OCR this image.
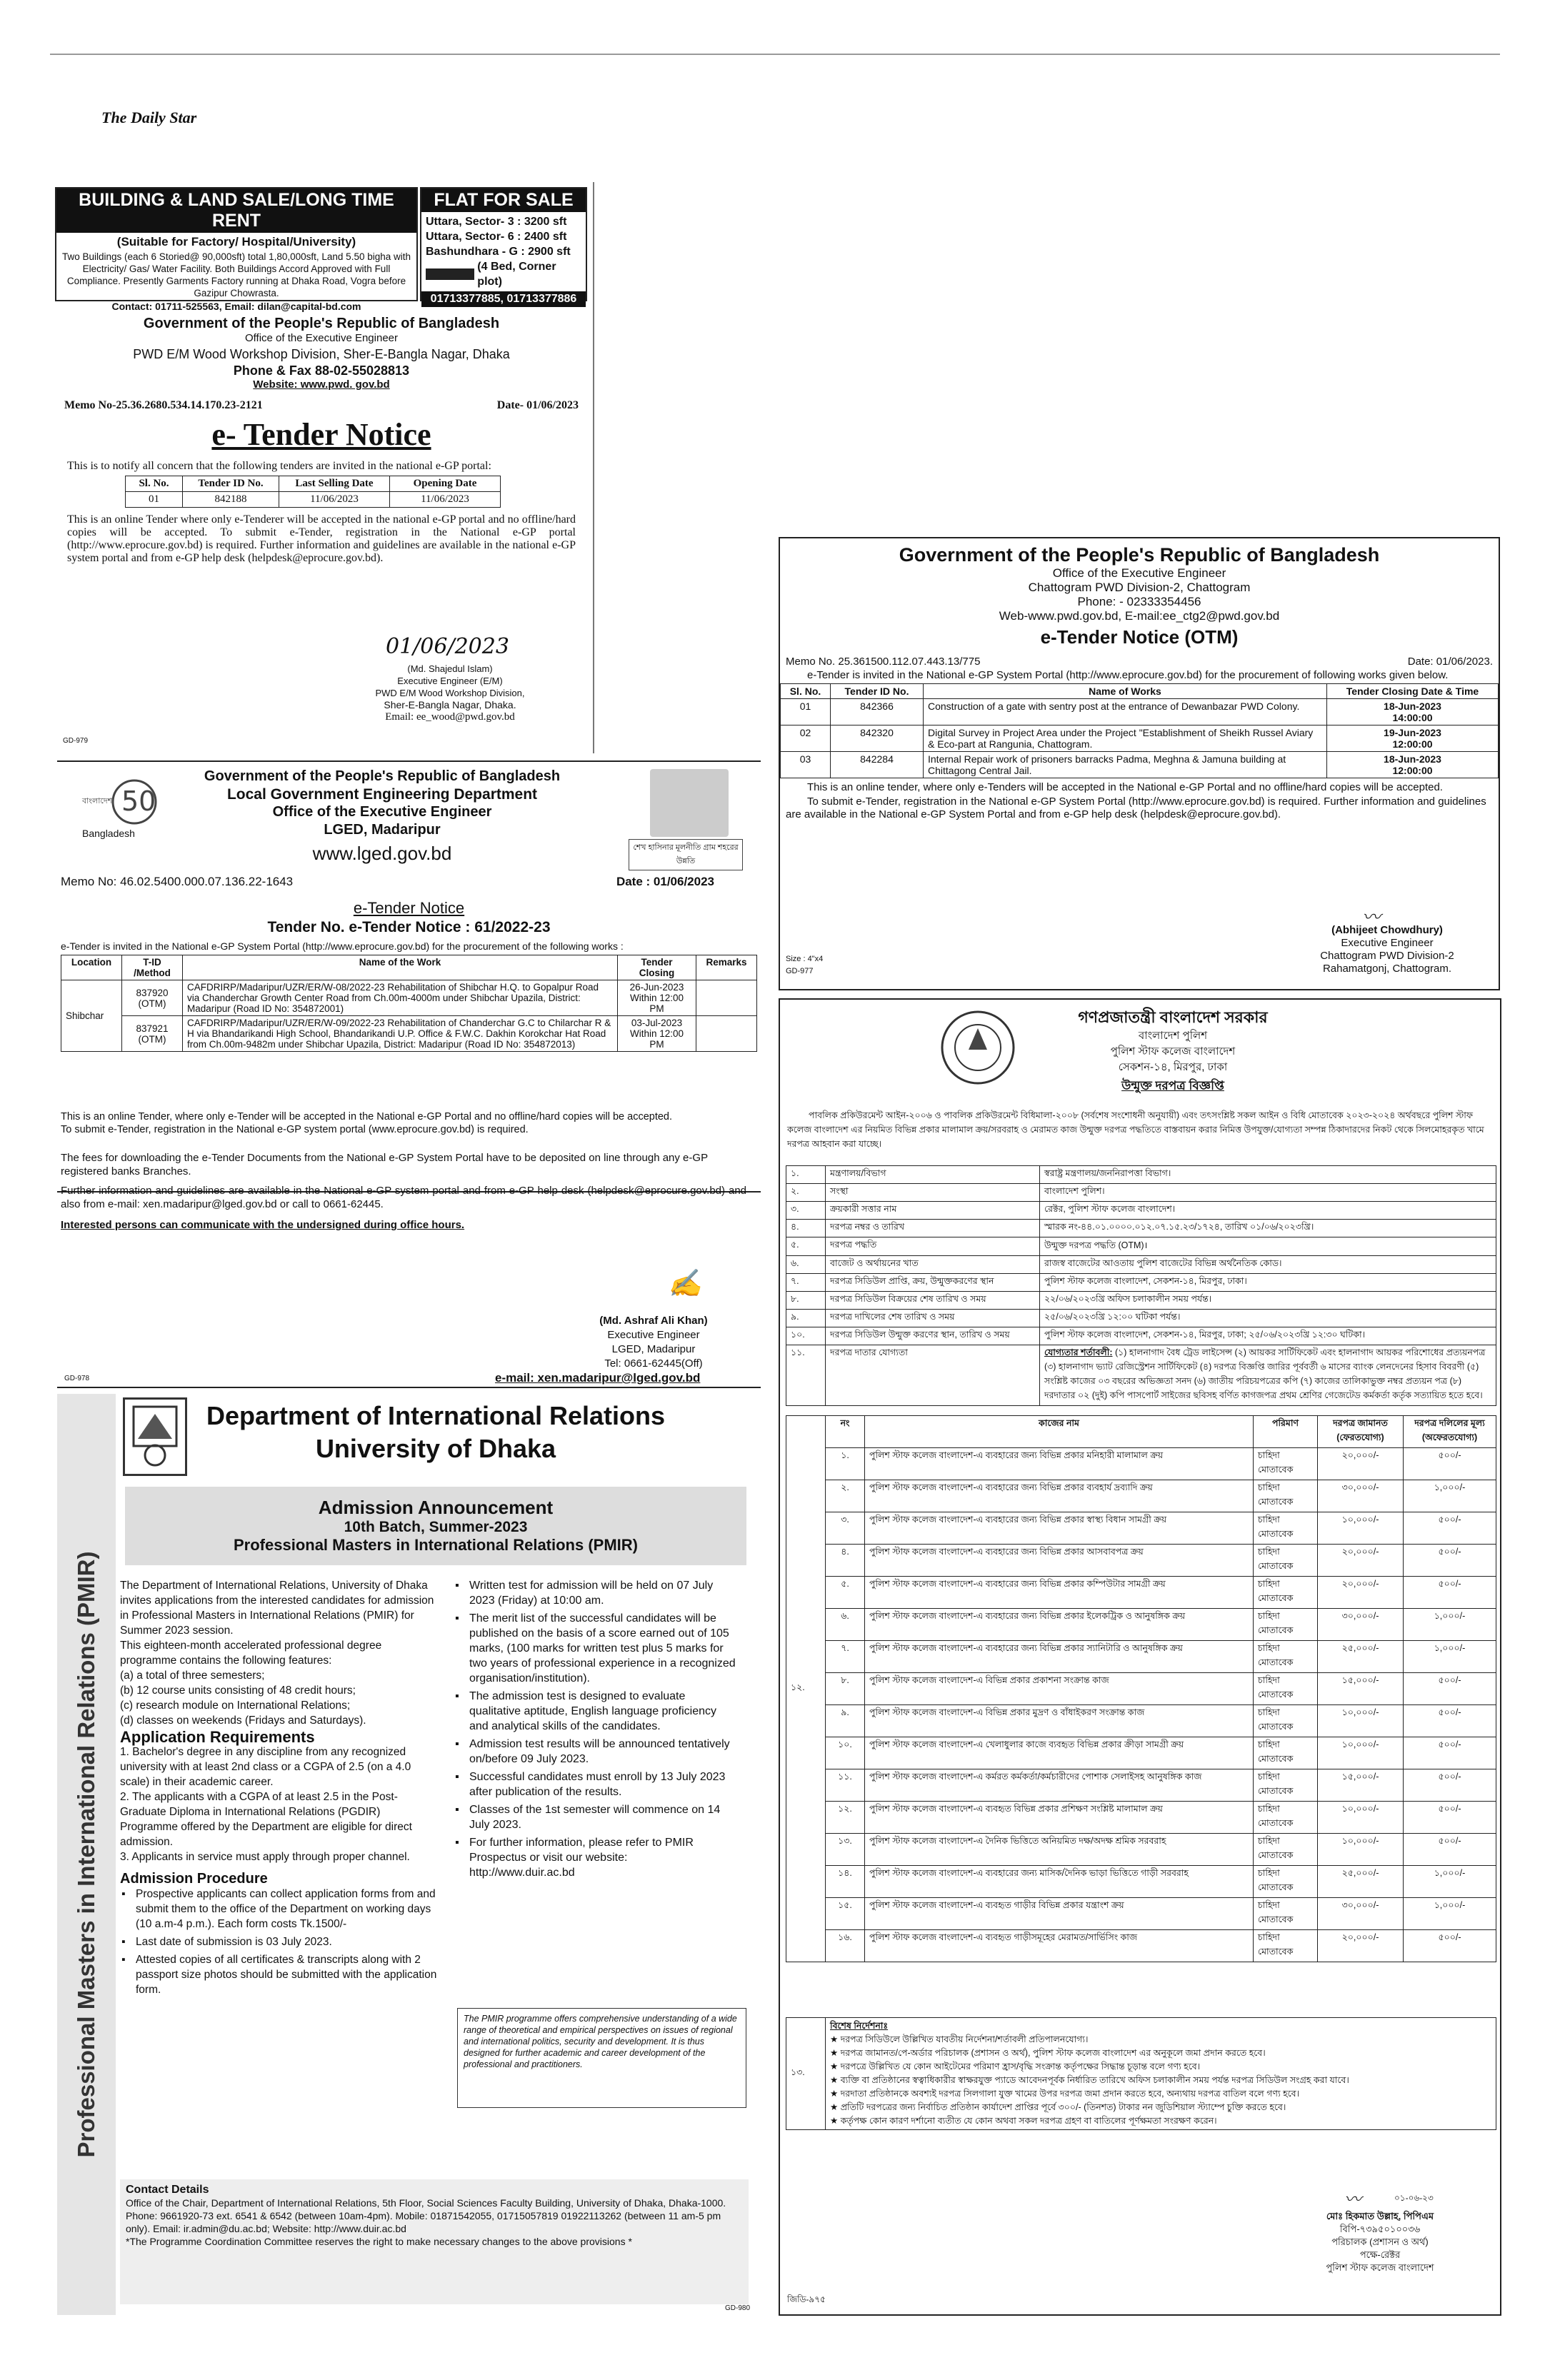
The Daily Star
BUILDING & LAND SALE/LONG TIME RENT
(Suitable for Factory/ Hospital/University)
Two Buildings (each 6 Storied@ 90,000sft) total 1,80,000sft, Land 5.50 bigha with Electricity/ Gas/ Water Facility. Both Buildings Accord Approved with Full Compliance. Presently Garments Factory running at Dhaka Road, Vogra before Gazipur Chowrasta.
Contact: 01711-525563, Email: dilan@capital-bd.com
FLAT FOR SALE
Uttara, Sector- 3 : 3200 sft
Uttara, Sector- 6 : 2400 sft
Bashundhara - G : 2900 sft
(4 Bed, Corner plot)
01713377885, 01713377886
Government of the People's Republic of Bangladesh
Office of the Executive Engineer
PWD E/M Wood Workshop Division, Sher-E-Bangla Nagar, Dhaka
Phone & Fax 88-02-55028813
Website: www.pwd. gov.bd
Memo No-25.36.2680.534.14.170.23-2121	Date- 01/06/2023
e- Tender Notice
This is to notify all concern that the following tenders are invited in the national e-GP portal:
Sl. No.	Tender ID No.	Last Selling Date	Opening Date
01	842188	11/06/2023	11/06/2023
This is an online Tender where only e-Tenderer will be accepted in the national e-GP portal and no offline/hard copies will be accepted. To submit e-Tender, registration in the National e-GP portal (http://www.eprocure.gov.bd) is required. Further information and guidelines are available in the national e-GP system portal and from e-GP help desk (helpdesk@eprocure.gov.bd).
01/06/2023
(Md. Shajedul Islam)
Executive Engineer (E/M)
PWD E/M Wood Workshop Division,
Sher-E-Bangla Nagar, Dhaka.
Email: ee_wood@pwd.gov.bd
GD-979
Government of the People's Republic of Bangladesh
Office of the Executive Engineer
Chattogram PWD Division-2, Chattogram
Phone: - 02333354456
Web-www.pwd.gov.bd, E-mail:ee_ctg2@pwd.gov.bd
e-Tender Notice (OTM)
Memo No. 25.361500.112.07.443.13/775	Date: 01/06/2023.
e-Tender is invited in the National e-GP System Portal (http://www.eprocure.gov.bd) for the procurement of following works given below.
Sl. No.	Tender ID No.	Name of Works	Tender Closing Date & Time
01	842366	Construction of a gate with sentry post at the entrance of Dewanbazar PWD Colony.	18-Jun-2023
14:00:00

02	842320	Digital Survey in Project Area under the Project "Establishment of Sheikh Russel Aviary & Eco-part at Rangunia, Chattogram.	19-Jun-2023
12:00:00

03	842284	Internal Repair work of prisoners barracks Padma, Meghna & Jamuna building at Chittagong Central Jail.	18-Jun-2023
12:00:00
This is an online tender, where only e-Tenders will be accepted in the National e-GP Portal and no offline/hard copies will be accepted.
To submit e-Tender, registration in the National e-GP System Portal (http://www.eprocure.gov.bd) is required. Further information and guidelines are available in the National e-GP System Portal and from e-GP help desk (helpdesk@eprocure.gov.bd).
〰
(Abhijeet Chowdhury)
Executive Engineer
Chattogram PWD Division-2
Rahamatgonj, Chattogram.
Size : 4"x4
GD-977
50
বাংলাদেশ
Bangladesh
Government of the People's Republic of Bangladesh
Local Government Engineering Department
Office of the Executive Engineer
LGED, Madaripur
শেখ হাসিনার মূলনীতি গ্রাম শহরের উন্নতি
www.lged.gov.bd
Memo No: 46.02.5400.000.07.136.22-1643	Date : 01/06/2023
e-Tender Notice
Tender No. e-Tender Notice : 61/2022-23
e-Tender is invited in the National e-GP System Portal (http://www.eprocure.gov.bd) for the procurement of the following works :
Location	T-ID /Method	Name of the Work	Tender Closing	Remarks
Shibchar	837920 (OTM)	CAFDRIRP/Madaripur/UZR/ER/W-08/2022-23 Rehabilitation of Shibchar H.Q. to Gopalpur Road via Chanderchar Growth Center Road from Ch.00m-4000m under Shibchar Upazila, District: Madaripur (Road ID No: 354872001)	26-Jun-2023 Within 12:00 PM	
	837921 (OTM)	CAFDRIRP/Madaripur/UZR/ER/W-09/2022-23 Rehabilitation of Chanderchar G.C to Chilarchar R & H via Bhandarikandi High School, Bhandarikandi U.P. Office & F.W.C. Dakhin Korokchar Hat Road from Ch.00m-9482m under Shibchar Upazila, District: Madaripur (Road ID No: 354872013)	03-Jul-2023 Within 12:00 PM	
This is an online Tender, where only e-Tender will be accepted in the National e-GP Portal and no offline/hard copies will be accepted.
To submit e-Tender, registration in the National e-GP system portal (www.eprocure.gov.bd) is required.
The fees for downloading the e-Tender Documents from the National e-GP System Portal have to be deposited on line through any e-GP registered banks Branches.
Further information and guidelines are available in the National e-GP system portal and from e-GP help desk (helpdesk@eprocure.gov.bd) and also from e-mail: xen.madaripur@lged.gov.bd or call to 0661-62445.
Interested persons can communicate with the undersigned during office hours.
✍
(Md. Ashraf Ali Khan)
Executive Engineer
LGED, Madaripur
Tel: 0661-62445(Off)
e-mail: xen.madaripur@lged.gov.bd
GD-978
Professional Masters in International Relations (PMIR)
Department of International Relations
University of Dhaka
Admission Announcement
10th Batch, Summer-2023
Professional Masters in International Relations (PMIR)
The Department of International Relations, University of Dhaka invites applications from the interested candidates for admission in Professional Masters in International Relations (PMIR) for Summer 2023 session.
This eighteen-month accelerated professional degree programme contains the following features:
(a) a total of three semesters;
(b) 12 course units consisting of 48 credit hours;
(c) research module on International Relations;
(d) classes on weekends (Fridays and Saturdays).
Application Requirements
1. Bachelor's degree in any discipline from any recognized university with at least 2nd class or a CGPA of 2.5 (on a 4.0 scale) in their academic career.
2. The applicants with a CGPA of at least 2.5 in the Post-Graduate Diploma in International Relations (PGDIR) Programme offered by the Department are eligible for direct admission.
3. Applicants in service must apply through proper channel.
Admission Procedure
▪ Prospective applicants can collect application forms from and submit them to the office of the Department on working days (10 a.m-4 p.m.). Each form costs Tk.1500/-
▪ Last date of submission is 03 July 2023.
▪ Attested copies of all certificates & transcripts along with 2 passport size photos should be submitted with the application form.
▪ Written test for admission will be held on 07 July 2023 (Friday) at 10:00 am.
▪ The merit list of the successful candidates will be published on the basis of a score earned out of 105 marks, (100 marks for written test plus 5 marks for two years of professional experience in a recognized organisation/institution).
▪ The admission test is designed to evaluate qualitative aptitude, English language proficiency and analytical skills of the candidates.
▪ Admission test results will be announced tentatively on/before 09 July 2023.
▪ Successful candidates must enroll by 13 July 2023 after publication of the results.
▪ Classes of the 1st semester will commence on 14 July 2023.
▪ For further information, please refer to PMIR Prospectus or visit our website: http://www.duir.ac.bd
The PMIR programme offers comprehensive understanding of a wide range of theoretical and empirical perspectives on issues of regional and international politics, security and development. It is thus designed for further academic and career development of the professional and practitioners.
Contact Details
Office of the Chair, Department of International Relations, 5th Floor, Social Sciences Faculty Building, University of Dhaka, Dhaka-1000. Phone: 9661920-73 ext. 6541 & 6542 (between 10am-4pm). Mobile: 01871542055, 01715057819 01922113262 (between 11 am-5 pm only). Email: ir.admin@du.ac.bd; Website: http://www.duir.ac.bd
*The Programme Coordination Committee reserves the right to make necessary changes to the above provisions *
GD-980
গণপ্রজাতন্ত্রী বাংলাদেশ সরকার
বাংলাদেশ পুলিশ
পুলিশ স্টাফ কলেজ বাংলাদেশ
সেকশন-১৪, মিরপুর, ঢাকা
উন্মুক্ত দরপত্র বিজ্ঞপ্তি
পাবলিক প্রকিউরমেন্ট আইন-২০০৬ ও পাবলিক প্রকিউরমেন্ট বিধিমালা-২০০৮ (সর্বশেষ সংশোধনী অনুযায়ী) এবং তৎসংশ্লিষ্ট সকল আইন ও বিধি মোতাবেক ২০২৩-২০২৪ অর্থবছরে পুলিশ স্টাফ কলেজ বাংলাদেশ এর নিয়মিত বিভিন্ন প্রকার মালামাল ক্রয়/সরবরাহ ও মেরামত কাজ উন্মুক্ত দরপত্র পদ্ধতিতে বাস্তবায়ন করার নিমিত্ত উপযুক্ত/যোগ্যতা সম্পন্ন ঠিকাদারদের নিকট থেকে সিলমোহরকৃত খামে দরপত্র আহবান করা যাচ্ছে।
১.	মন্ত্রণালয়/বিভাগ	স্বরাষ্ট্র মন্ত্রণালয়/জননিরাপত্তা বিভাগ।
২.	সংস্থা	বাংলাদেশ পুলিশ।
৩.	ক্রয়কারী সত্তার নাম	রেক্টর, পুলিশ স্টাফ কলেজ বাংলাদেশ।
৪.	দরপত্র নম্বর ও তারিখ	স্মারক নং-৪৪.০১.০০০০.০১২.০৭.১৫.২৩/১৭২৪, তারিখ ০১/০৬/২০২৩খ্রি।
৫.	দরপত্র পদ্ধতি	উন্মুক্ত দরপত্র পদ্ধতি (OTM)।
৬.	বাজেট ও অর্থায়নের খাত	রাজস্ব বাজেটের আওতায় পুলিশ বাজেটের বিভিন্ন অর্থনৈতিক কোড।
৭.	দরপত্র সিডিউল প্রাপ্তি, ক্রয়, উন্মুক্তকরণের স্থান	পুলিশ স্টাফ কলেজ বাংলাদেশ, সেকশন-১৪, মিরপুর, ঢাকা।
৮.	দরপত্র সিডিউল বিক্রয়ের শেষ তারিখ ও সময়	২২/০৬/২০২৩খ্রি অফিস চলাকালীন সময় পর্যন্ত।
৯.	দরপত্র দাখিলের শেষ তারিখ ও সময়	২৫/০৬/২০২৩খ্রি ১২:০০ ঘটিকা পর্যন্ত।
১০.	দরপত্র সিডিউল উন্মুক্ত করণের স্থান, তারিখ ও সময়	পুলিশ স্টাফ কলেজ বাংলাদেশ, সেকশন-১৪, মিরপুর, ঢাকা; ২৫/০৬/২০২৩খ্রি ১২:৩০ ঘটিকা।
১১.	দরপত্র দাতার যোগ্যতা	যোগ্যতার শর্তাবলী: (১) হালনাগাদ বৈধ ট্রেড লাইসেন্স (২) আয়কর সার্টিফিকেট এবং হালনাগাদ আয়কর পরিশোধের প্রত্যয়নপত্র (৩) হালনাগাদ ভ্যাট রেজিস্ট্রেশন সার্টিফিকেট (৪) দরপত্র বিজ্ঞপ্তি জারির পূর্ববর্তী ৬ মাসের ব্যাংক লেনদেনের হিসাব বিবরণী (৫) সংশ্লিষ্ট কাজের ০৩ বছরের অভিজ্ঞতা সনদ (৬) জাতীয় পরিচয়পত্রের কপি (৭) কাজের তালিকাভুক্ত নম্বর প্রত্যয়ন পত্র (৮) দরদাতার ০২ (দুই) কপি পাসপোর্ট সাইজের ছবিসহ বর্ণিত কাগজপত্র প্রথম শ্রেণির গেজেটেড কর্মকর্তা কর্তৃক সত্যায়িত হতে হবে।
১২.	নং	কাজের নাম	পরিমাণ	দরপত্র জামানত (ফেরতযোগ্য)	দরপত্র দলিলের মূল্য (অফেরতযোগ্য)
	১.	পুলিশ স্টাফ কলেজ বাংলাদেশ-এ ব্যবহারের জন্য বিভিন্ন প্রকার মনিহারী মালামাল ক্রয়	চাহিদা মোতাবেক	২০,০০০/-	৫০০/-
	২.	পুলিশ স্টাফ কলেজ বাংলাদেশ-এ ব্যবহারের জন্য বিভিন্ন প্রকার ব্যবহার্য দ্রব্যাদি ক্রয়	চাহিদা মোতাবেক	৩০,০০০/-	১,০০০/-
	৩.	পুলিশ স্টাফ কলেজ বাংলাদেশ-এ ব্যবহারের জন্য বিভিন্ন প্রকার স্বাস্থ্য বিধান সামগ্রী ক্রয়	চাহিদা মোতাবেক	১০,০০০/-	৫০০/-
	৪.	পুলিশ স্টাফ কলেজ বাংলাদেশ-এ ব্যবহারের জন্য বিভিন্ন প্রকার আসবাবপত্র ক্রয়	চাহিদা মোতাবেক	২০,০০০/-	৫০০/-
	৫.	পুলিশ স্টাফ কলেজ বাংলাদেশ-এ ব্যবহারের জন্য বিভিন্ন প্রকার কম্পিউটার সামগ্রী ক্রয়	চাহিদা মোতাবেক	২০,০০০/-	৫০০/-
	৬.	পুলিশ স্টাফ কলেজ বাংলাদেশ-এ ব্যবহারের জন্য বিভিন্ন প্রকার ইলেকট্রিক ও আনুষঙ্গিক ক্রয়	চাহিদা মোতাবেক	৩০,০০০/-	১,০০০/-
	৭.	পুলিশ স্টাফ কলেজ বাংলাদেশ-এ ব্যবহারের জন্য বিভিন্ন প্রকার স্যানিটারি ও আনুষঙ্গিক ক্রয়	চাহিদা মোতাবেক	২৫,০০০/-	১,০০০/-
	৮.	পুলিশ স্টাফ কলেজ বাংলাদেশ-এ বিভিন্ন প্রকার প্রকাশনা সংক্রান্ত কাজ	চাহিদা মোতাবেক	১৫,০০০/-	৫০০/-
	৯.	পুলিশ স্টাফ কলেজ বাংলাদেশ-এ বিভিন্ন প্রকার মুদ্রণ ও বাঁধাইকরণ সংক্রান্ত কাজ	চাহিদা মোতাবেক	১০,০০০/-	৫০০/-
	১০.	পুলিশ স্টাফ কলেজ বাংলাদেশ-এ খেলাধুলার কাজে ব্যবহৃত বিভিন্ন প্রকার ক্রীড়া সামগ্রী ক্রয়	চাহিদা মোতাবেক	১০,০০০/-	৫০০/-
	১১.	পুলিশ স্টাফ কলেজ বাংলাদেশ-এ কর্মরত কর্মকর্তা/কর্মচারীদের পোশাক সেলাইসহ আনুষঙ্গিক কাজ	চাহিদা মোতাবেক	১৫,০০০/-	৫০০/-
	১২.	পুলিশ স্টাফ কলেজ বাংলাদেশ-এ ব্যবহৃত বিভিন্ন প্রকার প্রশিক্ষণ সংশ্লিষ্ট মালামাল ক্রয়	চাহিদা মোতাবেক	১০,০০০/-	৫০০/-
	১৩.	পুলিশ স্টাফ কলেজ বাংলাদেশ-এ দৈনিক ভিত্তিতে অনিয়মিত দক্ষ/অদক্ষ শ্রমিক সরবরাহ	চাহিদা মোতাবেক	১০,০০০/-	৫০০/-
	১৪.	পুলিশ স্টাফ কলেজ বাংলাদেশ-এ ব্যবহারের জন্য মাসিক/দৈনিক ভাড়া ভিত্তিতে গাড়ী সরবরাহ	চাহিদা মোতাবেক	২৫,০০০/-	১,০০০/-
	১৫.	পুলিশ স্টাফ কলেজ বাংলাদেশ-এ ব্যবহৃত গাড়ীর বিভিন্ন প্রকার যন্ত্রাংশ ক্রয়	চাহিদা মোতাবেক	৩০,০০০/-	১,০০০/-
	১৬.	পুলিশ স্টাফ কলেজ বাংলাদেশ-এ ব্যবহৃত গাড়ীসমূহের মেরামত/সার্ভিসিং কাজ	চাহিদা মোতাবেক	২০,০০০/-	৫০০/-
১৩.	
বিশেষ নির্দেশনাঃ
★ দরপত্র সিডিউলে উল্লিখিত যাবতীয় নির্দেশনা/শর্তাবলী প্রতিপালনযোগ্য।
★ দরপত্র জামানত/পে-অর্ডার পরিচালক (প্রশাসন ও অর্থ), পুলিশ স্টাফ কলেজ বাংলাদেশ এর অনুকূলে জমা প্রদান করতে হবে।
★ দরপত্রে উল্লিখিত যে কোন আইটেমের পরিমাণ হ্রাস/বৃদ্ধি সংক্রান্ত কর্তৃপক্ষের সিদ্ধান্ত চূড়ান্ত বলে গণ্য হবে।
★ ব্যক্তি বা প্রতিষ্ঠানের স্বত্বাধিকারীর স্বাক্ষরযুক্ত প্যাডে আবেদনপূর্বক নির্ধারিত তারিখে অফিস চলাকালীন সময় পর্যন্ত দরপত্র সিডিউল সংগ্রহ করা যাবে।
★ দরদাতা প্রতিষ্ঠানকে অবশ্যই দরপত্র সিলগালা যুক্ত খামের উপর দরপত্র জমা প্রদান করতে হবে, অন্যথায় দরপত্র বাতিল বলে গণ্য হবে।
★ প্রতিটি দরপত্রের জন্য নির্বাচিত প্রতিষ্ঠান কার্যাদেশ প্রাপ্তির পূর্বে ৩০০/- (তিনশত) টাকার নন জুডিশিয়াল স্ট্যাম্পে চুক্তি করতে হবে।
★ কর্তৃপক্ষ কোন কারণ দর্শানো ব্যতীত যে কোন অথবা সকল দরপত্র গ্রহণ বা বাতিলের পূর্ণক্ষমতা সংরক্ষণ করেন।
〰	০১-০৬-২৩
মোঃ হিকমাত উল্লাহ, পিপিএম
বিপি-৭৩৯৫০১০০৩৬
পরিচালক (প্রশাসন ও অর্থ)
পক্ষে-রেক্টর
পুলিশ স্টাফ কলেজ বাংলাদেশ
জিডি-৯৭৫
